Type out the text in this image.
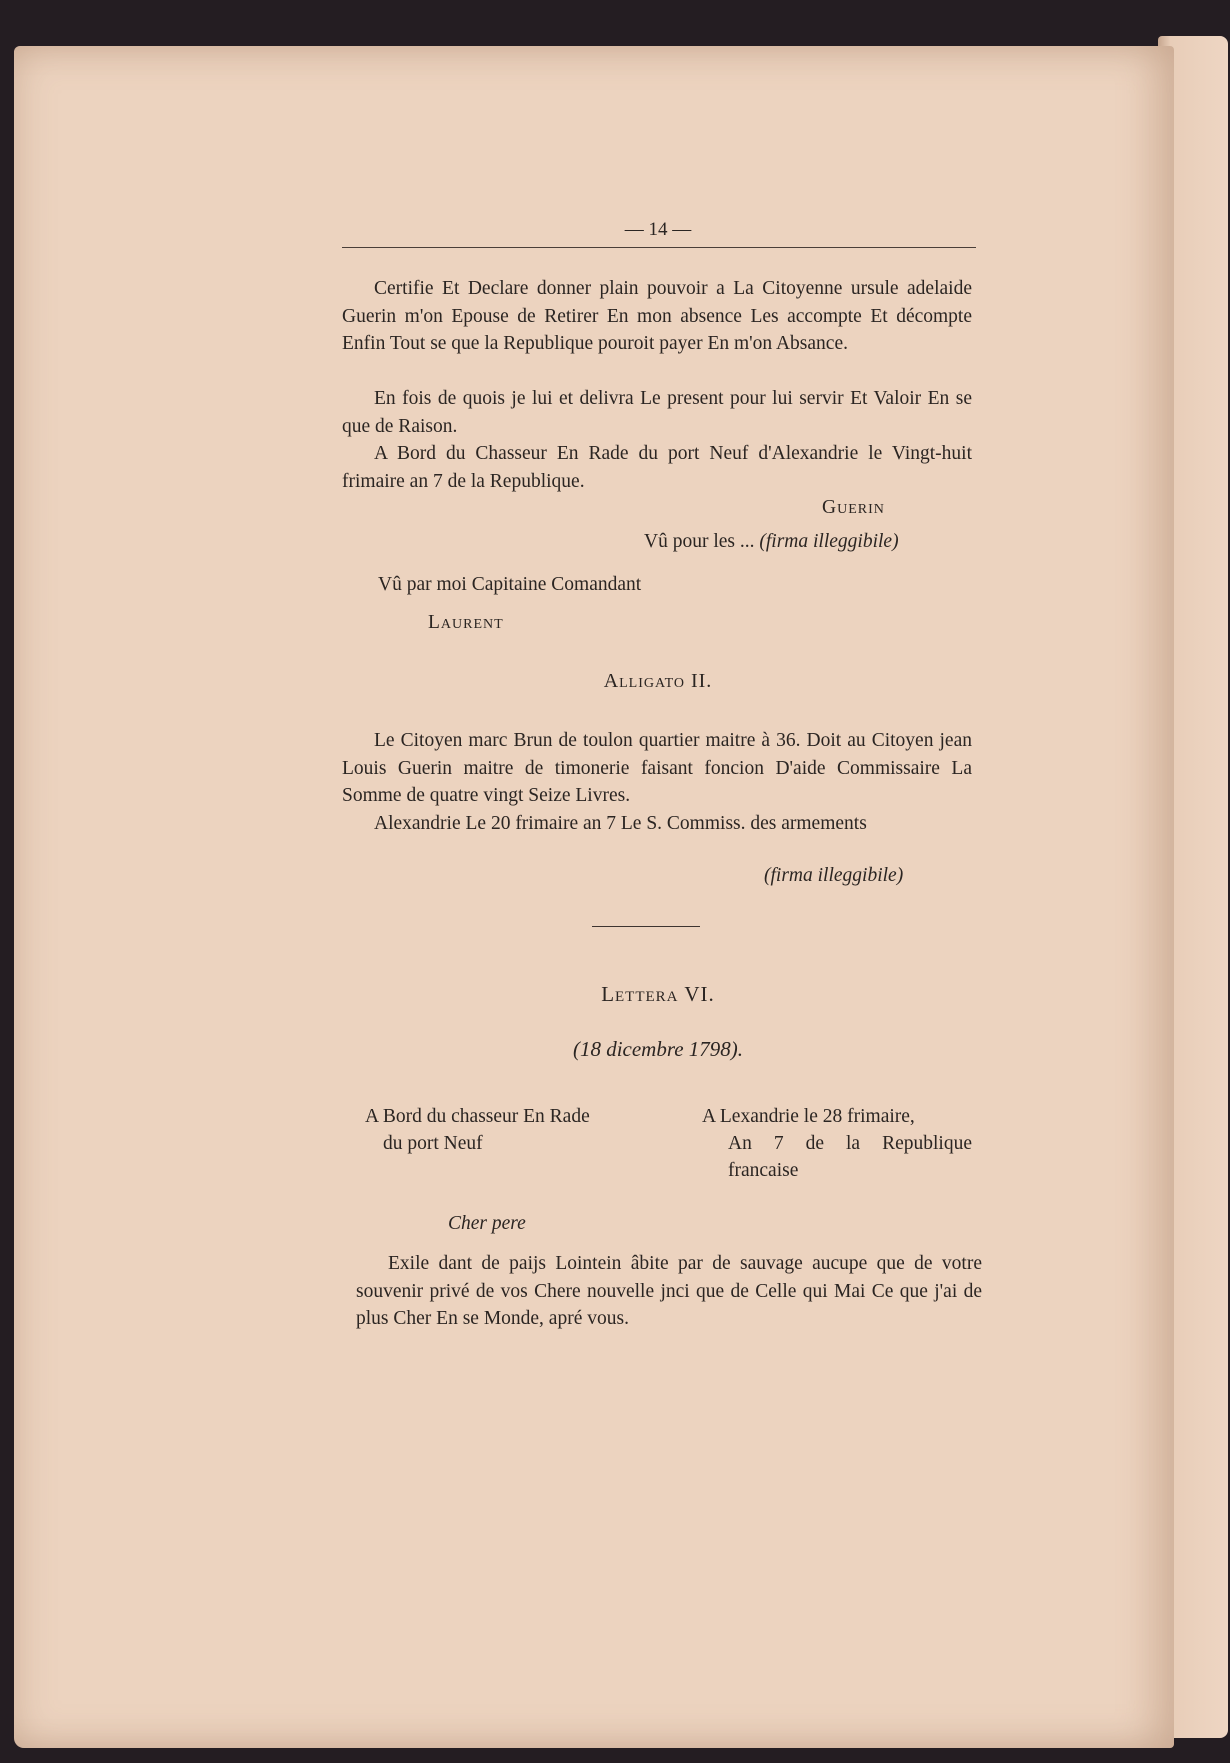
— 14 —
Certifie Et Declare donner plain pouvoir a La Citoyenne ursule adelaide Guerin m'on Epouse de Retirer En mon absence Les accompte Et décompte Enfin Tout se que la Republique pouroit payer En m'on Absance.
En fois de quois je lui et delivra Le present pour lui servir Et Valoir En se que de Raison.
A Bord du Chasseur En Rade du port Neuf d'Alexandrie le Vingt-huit frimaire an 7 de la Republique.
Guerin
Vû pour les ... (firma illeggibile)
Vû par moi Capitaine Comandant
Laurent
Alligato II.
Le Citoyen marc Brun de toulon quartier maitre à 36. Doit au Citoyen jean Louis Guerin maitre de timonerie faisant foncion D'aide Commissaire La Somme de quatre vingt Seize Livres.
Alexandrie Le 20 frimaire an 7 Le S. Commiss. des armements
(firma illeggibile)
Lettera VI.
(18 dicembre 1798).
A Bord du chasseur En Rade
du port Neuf
A Lexandrie le 28 frimaire,
An 7 de la Republique
francaise
Cher pere
Exile dant de paijs Lointein âbite par de sauvage aucupe que de votre souvenir privé de vos Chere nouvelle jnci que de Celle qui Mai Ce que j'ai de plus Cher En se Monde, apré vous.
